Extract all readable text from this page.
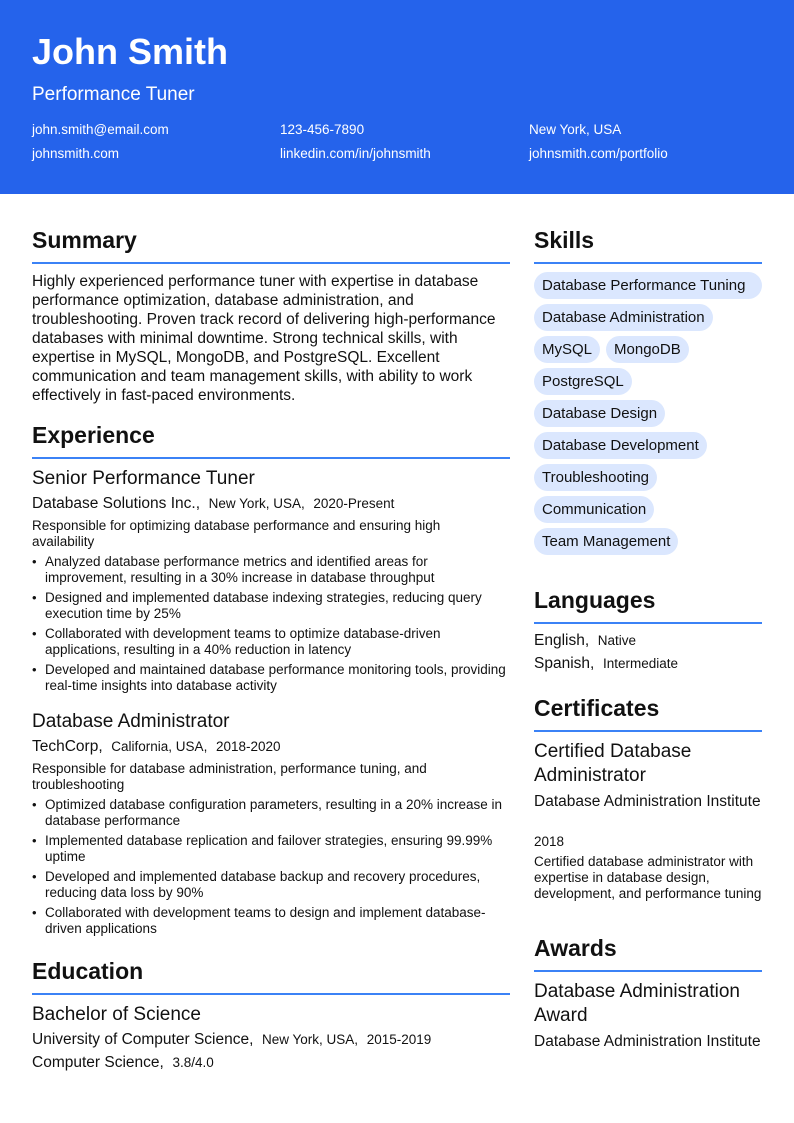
John Smith
Performance Tuner
john.smith@email.com	123-456-7890	New York, USA
johnsmith.com	linkedin.com/in/johnsmith	johnsmith.com/portfolio
Summary
Highly experienced performance tuner with expertise in database performance optimization, database administration, and troubleshooting. Proven track record of delivering high-performance databases with minimal downtime. Strong technical skills, with expertise in MySQL, MongoDB, and PostgreSQL. Excellent communication and team management skills, with ability to work effectively in fast-paced environments.
Experience
Senior Performance Tuner
Database Solutions Inc., New York, USA, 2020-Present
Responsible for optimizing database performance and ensuring high availability
• Analyzed database performance metrics and identified areas for improvement, resulting in a 30% increase in database throughput
• Designed and implemented database indexing strategies, reducing query execution time by 25%
• Collaborated with development teams to optimize database-driven applications, resulting in a 40% reduction in latency
• Developed and maintained database performance monitoring tools, providing real-time insights into database activity
Database Administrator
TechCorp, California, USA, 2018-2020
Responsible for database administration, performance tuning, and troubleshooting
• Optimized database configuration parameters, resulting in a 20% increase in database performance
• Implemented database replication and failover strategies, ensuring 99.99% uptime
• Developed and implemented database backup and recovery procedures, reducing data loss by 90%
• Collaborated with development teams to design and implement database-driven applications
Education
Bachelor of Science
University of Computer Science, New York, USA, 2015-2019
Computer Science, 3.8/4.0
Skills
Database Performance Tuning
Database Administration
MySQL	MongoDB
PostgreSQL
Database Design
Database Development
Troubleshooting
Communication
Team Management
Languages
English, Native
Spanish, Intermediate
Certificates
Certified Database Administrator
Database Administration Institute
2018
Certified database administrator with expertise in database design, development, and performance tuning
Awards
Database Administration Award
Database Administration Institute
